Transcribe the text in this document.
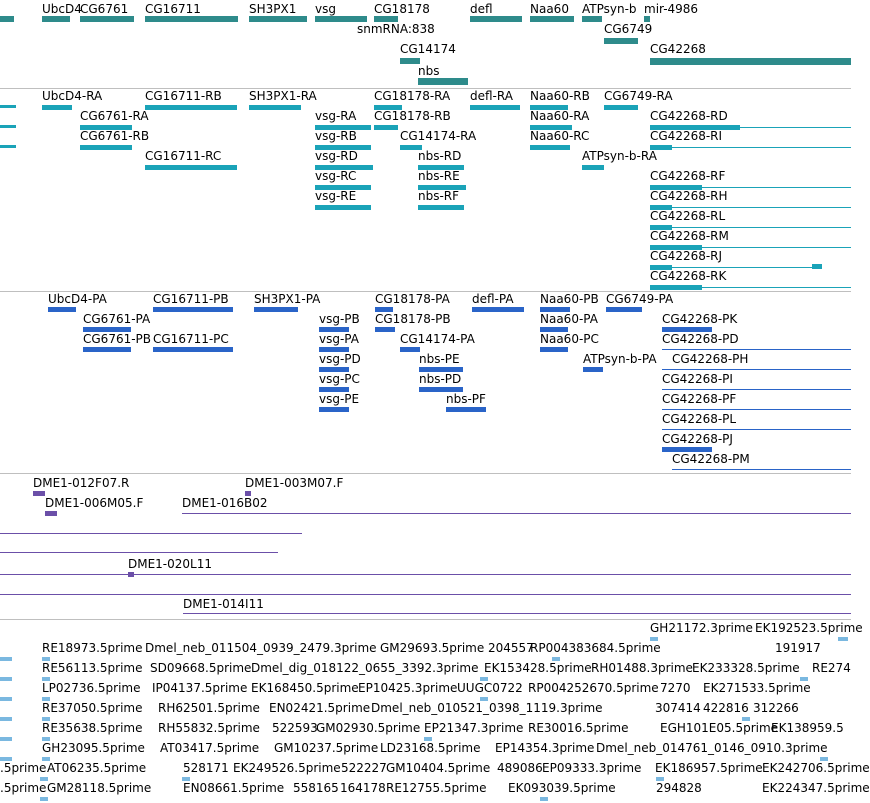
UbcD4
CG6761 CG16711	SH3PX1 vsg	CG18178
snmRNA:838
defl	Naa60 ATPsyn-b mir-4986
CG6749
CG14174	CG42268
nbs
UbcD4-RA	CG16711-RB SH3PX1-RA	CG18178-RA defl-RA Naa60-RB CG6749-RA
CG6761-RA	vsg-RA CG18178-RB	Naa60-RA	CG42268-RD
CG6761-RB	vsg-RB	CG14174-RA	Naa60-RC	CG42268-RI
CG16711-RC	vsg-RD	nbs-RD	ATPsyn-b-RA
vsg-RC	nbs-RE	CG42268-RF
vsg-RE	nbs-RF	CG42268-RH
CG42268-RL
CG42268-RM
CG42268-RJ
CG42268-RK
UbcD4-PA	CG16711-PB SH3PX1-PA	CG18178-PA defl-PA Naa60-PB CG6749-PA
CG6761-PA	vsg-PB CG18178-PB	Naa60-PA	CG42268-PK
CG6761-PB CG16711-PC	vsg-PA	CG14174-PA	Naa60-PC	CG42268-PD
vsg-PD	nbs-PE	ATPsyn-b-PA CG42268-PH
vsg-PC	nbs-PD	CG42268-PI
vsg-PE	nbs-PF	CG42268-PF
CG42268-PL
CG42268-PJ
CG42268-PM
DME1-012F07.R	DME1-003M07.F
DME1-006M05.F	DME1-016B02
DME1-020L11
DME1-014I11
GH21172.3prime EK192523.5prime
RE18973.5prime Dmel_neb_011504_0939_2479.3prime GM29693.5prime 204557
RP004383684.5prime	191917
RE56113.5prime SD09668.5prime Dmel_dig_018122_0655_3392.3prime EK153428.5prime RH01488.3prime EK233328.5prime RE274
LP02736.5prime IP04137.5prime EK168450.5prime EP10425.3prime UUGC0722 RP004252670.5prime 7270 EK271533.5prime
RE37050.5prime RH62501.5prime EN02421.5prime Dmel_neb_010521_0398_1119.3prime	307414 422816 312266
RE35638.5prime RH55832.5prime 522593
GM02930.5prime EP21347.3prime RE30016.5prime	EGH101E05.5prime
EK138959.5
GH23095.5prime AT03417.5prime GM10237.5prime LD23168.5prime EP14354.3prime Dmel_neb_014761_0146_0910.3prime
.5prime AT06235.5prime	528171 EK249526.5prime 522227 GM10404.5prime 489086 EP09333.3prime EK186957.5prime EK242706.5prime
.5prime GM28118.5prime	EN08661.5prime 558165 164178 RE12755.5prime EK093039.5prime	294828	EK224347.5prime
